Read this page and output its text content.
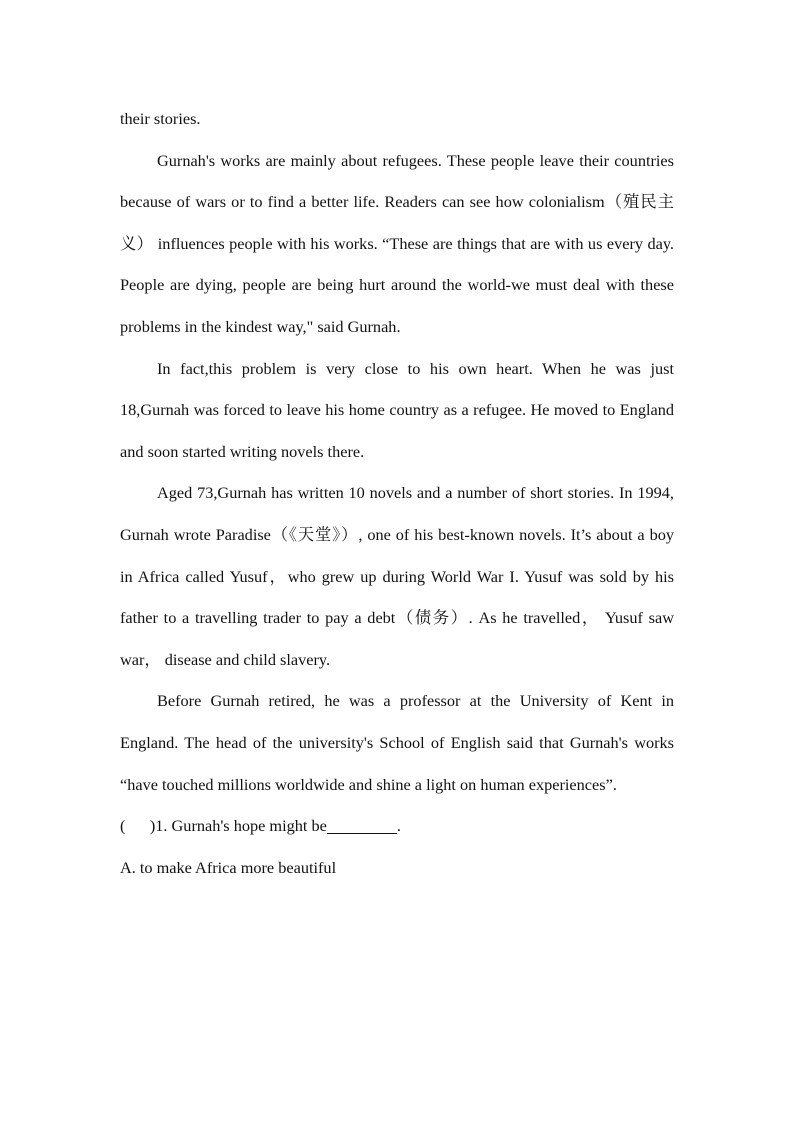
their stories.

Gurnah's works are mainly about refugees. These people leave their countries because of wars or to find a better life. Readers can see how colonialism（殖民主义） influences people with his works. “These are things that are with us every day. People are dying, people are being hurt around the world-we must deal with these problems in the kindest way," said Gurnah.

In fact,this problem is very close to his own heart. When he was just 18,Gurnah was forced to leave his home country as a refugee. He moved to England and soon started writing novels there.

Aged 73,Gurnah has written 10 novels and a number of short stories. In 1994, Gurnah wrote Paradise（《天堂》）, one of his best-known novels. It’s about a boy in Africa called Yusuf，who grew up during World War I. Yusuf was sold by his father to a travelling trader to pay a debt（债务）. As he travelled， Yusuf saw war， disease and child slavery.

Before Gurnah retired, he was a professor at the University of Kent in England. The head of the university's School of English said that Gurnah's works “have touched millions worldwide and shine a light on human experiences”.

(      )1. Gurnah's hope might be	.

A. to make Africa more beautiful
